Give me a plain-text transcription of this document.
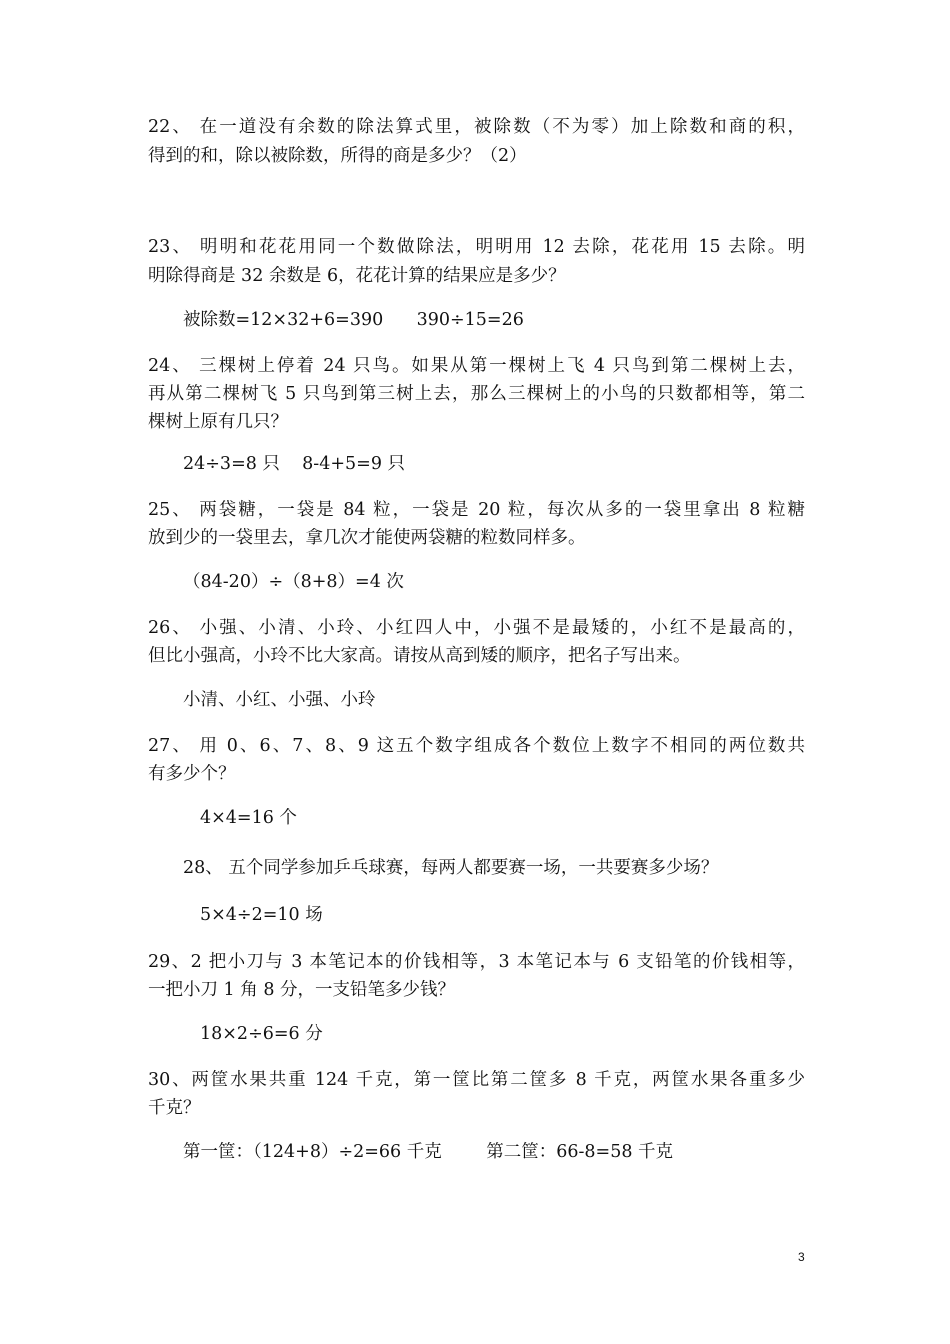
22、 在一道没有余数的除法算式里，被除数（不为零）加上除数和商的积，
得到的和，除以被除数，所得的商是多少？（2）
23、 明明和花花用同一个数做除法，明明用 12 去除，花花用 15 去除。明
明除得商是 32 余数是 6，花花计算的结果应是多少？
被除数=12×32+6=390      390÷15=26
24、 三棵树上停着 24 只鸟。如果从第一棵树上飞 4 只鸟到第二棵树上去，
再从第二棵树飞 5 只鸟到第三树上去，那么三棵树上的小鸟的只数都相等，第二
棵树上原有几只？
24÷3=8 只    8-4+5=9 只
25、 两袋糖，一袋是 84 粒，一袋是 20 粒，每次从多的一袋里拿出 8 粒糖
放到少的一袋里去，拿几次才能使两袋糖的粒数同样多。
（84-20）÷（8+8）=4 次
26、 小强、小清、小玲、小红四人中，小强不是最矮的，小红不是最高的，
但比小强高，小玲不比大家高。请按从高到矮的顺序，把名子写出来。
小清、小红、小强、小玲
27、 用 0、6、7、8、9 这五个数字组成各个数位上数字不相同的两位数共
有多少个？
4×4=16 个
28、 五个同学参加乒乓球赛，每两人都要赛一场，一共要赛多少场？
5×4÷2=10 场
29、2 把小刀与 3 本笔记本的价钱相等，3 本笔记本与 6 支铅笔的价钱相等，
一把小刀 1 角 8 分，一支铅笔多少钱？
18×2÷6=6 分
30、两筐水果共重 124 千克，第一筐比第二筐多 8 千克，两筐水果各重多少
千克？
第一筐：（124+8）÷2=66 千克        第二筐：66-8=58 千克
3
